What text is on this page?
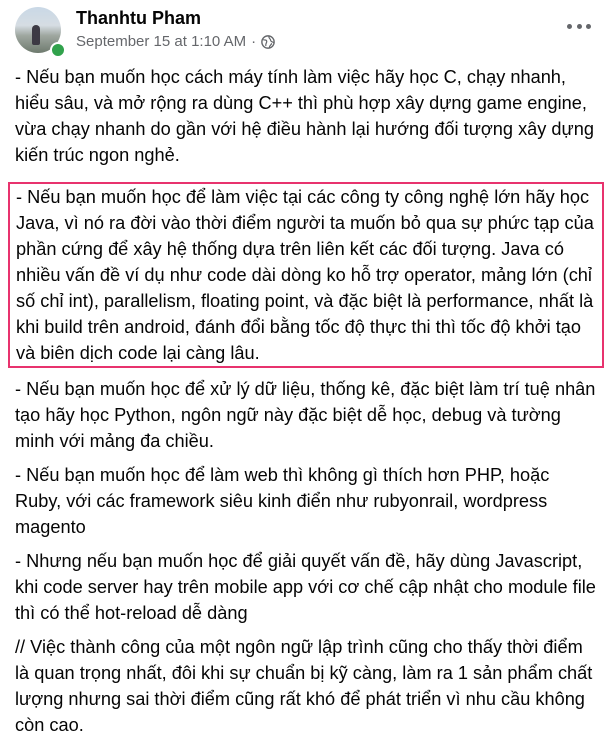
Thanhtu Pham
September 15 at 1:10 AM ·

- Nếu bạn muốn học cách máy tính làm việc hãy học C, chạy nhanh, hiểu sâu, và mở rộng ra dùng C++ thì phù hợp xây dựng game engine, vừa chạy nhanh do gần với hệ điều hành lại hướng đối tượng xây dựng kiến trúc ngon nghẻ.

- Nếu bạn muốn học để làm việc tại các công ty công nghệ lớn hãy học Java, vì nó ra đời vào thời điểm người ta muốn bỏ qua sự phức tạp của phần cứng để xây hệ thống dựa trên liên kết các đối tượng. Java có nhiều vấn đề ví dụ như code dài dòng ko hỗ trợ operator, mảng lớn (chỉ số chỉ int), parallelism, floating point, và đặc biệt là performance, nhất là khi build trên android, đánh đổi bằng tốc độ thực thi thì tốc độ khởi tạo và biên dịch code lại càng lâu.

- Nếu bạn muốn học để xử lý dữ liệu, thống kê, đặc biệt làm trí tuệ nhân tạo hãy học Python, ngôn ngữ này đặc biệt dễ học, debug và tường minh với mảng đa chiều.

- Nếu bạn muốn học để làm web thì không gì thích hơn PHP, hoặc Ruby, với các framework siêu kinh điển như rubyonrail, wordpress magento

- Nhưng nếu bạn muốn học để giải quyết vấn đề, hãy dùng Javascript, khi code server hay trên mobile app với cơ chế cập nhật cho module file thì có thể hot-reload dễ dàng

// Việc thành công của một ngôn ngữ lập trình cũng cho thấy thời điểm là quan trọng nhất, đôi khi sự chuẩn bị kỹ càng, làm ra 1 sản phẩm chất lượng nhưng sai thời điểm cũng rất khó để phát triển vì nhu cầu không còn cao.
